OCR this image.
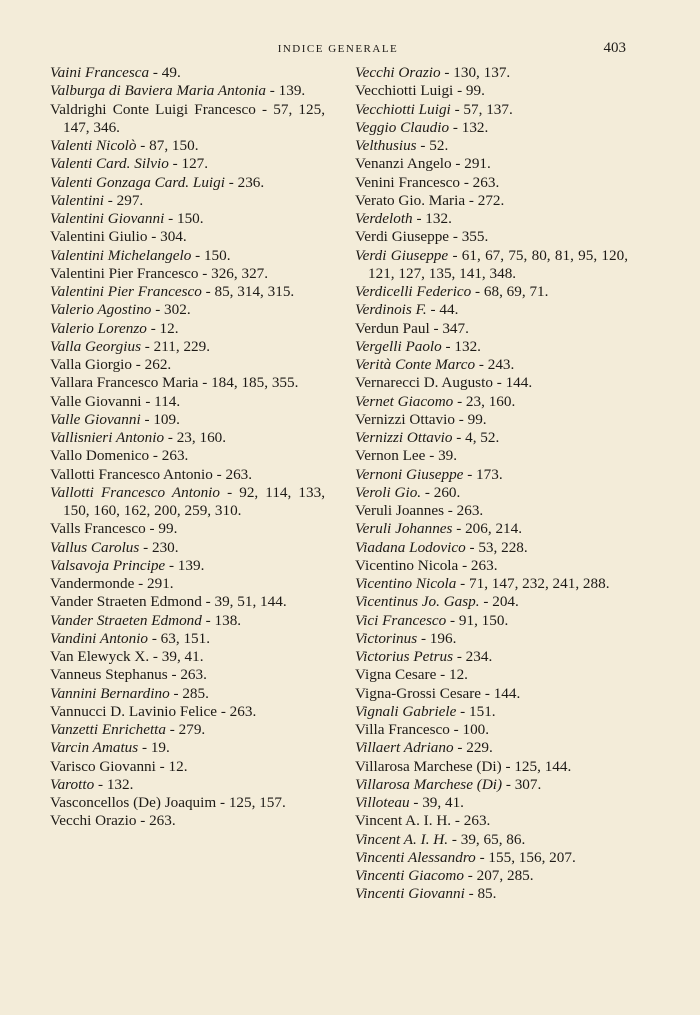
INDICE GENERALE	403
Vaini Francesca - 49.
Valburga di Baviera Maria Antonia - 139.
Valdrighi Conte Luigi Francesco - 57, 125, 147, 346.
Valenti Nicolò - 87, 150.
Valenti Card. Silvio - 127.
Valenti Gonzaga Card. Luigi - 236.
Valentini - 297.
Valentini Giovanni - 150.
Valentini Giulio - 304.
Valentini Michelangelo - 150.
Valentini Pier Francesco - 326, 327.
Valentini Pier Francesco - 85, 314, 315.
Valerio Agostino - 302.
Valerio Lorenzo - 12.
Valla Georgius - 211, 229.
Valla Giorgio - 262.
Vallara Francesco Maria - 184, 185, 355.
Valle Giovanni - 114.
Valle Giovanni - 109.
Vallisnieri Antonio - 23, 160.
Vallo Domenico - 263.
Vallotti Francesco Antonio - 263.
Vallotti Francesco Antonio - 92, 114, 133, 150, 160, 162, 200, 259, 310.
Valls Francesco - 99.
Vallus Carolus - 230.
Valsavoja Principe - 139.
Vandermonde - 291.
Vander Straeten Edmond - 39, 51, 144.
Vander Straeten Edmond - 138.
Vandini Antonio - 63, 151.
Van Elewyck X. - 39, 41.
Vanneus Stephanus - 263.
Vannini Bernardino - 285.
Vannucci D. Lavinio Felice - 263.
Vanzetti Enrichetta - 279.
Varcin Amatus - 19.
Varisco Giovanni - 12.
Varotto - 132.
Vasconcellos (De) Joaquim - 125, 157.
Vecchi Orazio - 263.
Vecchi Orazio - 130, 137.
Vecchiotti Luigi - 99.
Vecchiotti Luigi - 57, 137.
Veggio Claudio - 132.
Velthusius - 52.
Venanzi Angelo - 291.
Venini Francesco - 263.
Verato Gio. Maria - 272.
Verdeloth - 132.
Verdi Giuseppe - 355.
Verdi Giuseppe - 61, 67, 75, 80, 81, 95, 120, 121, 127, 135, 141, 348.
Verdicelli Federico - 68, 69, 71.
Verdinois F. - 44.
Verdun Paul - 347.
Vergelli Paolo - 132.
Verità Conte Marco - 243.
Vernarecci D. Augusto - 144.
Vernet Giacomo - 23, 160.
Vernizzi Ottavio - 99.
Vernizzi Ottavio - 4, 52.
Vernon Lee - 39.
Vernoni Giuseppe - 173.
Veroli Gio. - 260.
Veruli Joannes - 263.
Veruli Johannes - 206, 214.
Viadana Lodovico - 53, 228.
Vicentino Nicola - 263.
Vicentino Nicola - 71, 147, 232, 241, 288.
Vicentinus Jo. Gasp. - 204.
Vici Francesco - 91, 150.
Victorinus - 196.
Victorius Petrus - 234.
Vigna Cesare - 12.
Vigna-Grossi Cesare - 144.
Vignali Gabriele - 151.
Villa Francesco - 100.
Villaert Adriano - 229.
Villarosa Marchese (Di) - 125, 144.
Villarosa Marchese (Di) - 307.
Villoteau - 39, 41.
Vincent A. I. H. - 263.
Vincent A. I. H. - 39, 65, 86.
Vincenti Alessandro - 155, 156, 207.
Vincenti Giacomo - 207, 285.
Vincenti Giovanni - 85.
